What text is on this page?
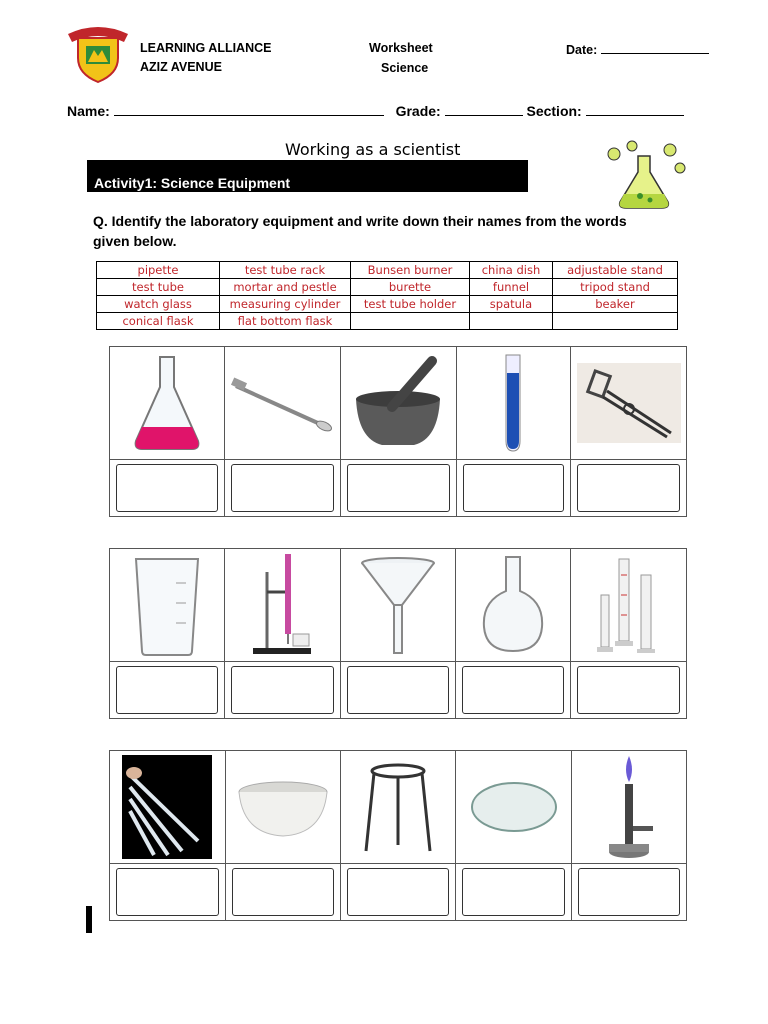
LEARNING ALLIANCE
AZIZ AVENUE
Worksheet
Science
Date:
Name:	Grade:	Section:
Working as a scientist
Activity1: Science Equipment
Q. Identify the laboratory equipment and write down their names from the words given below.
pipette	test tube rack	Bunsen burner	china dish	adjustable stand
test tube	mortar and pestle	burette	funnel	tripod stand
watch glass	measuring cylinder	test tube holder	spatula	beaker
conical flask	flat bottom flask			
